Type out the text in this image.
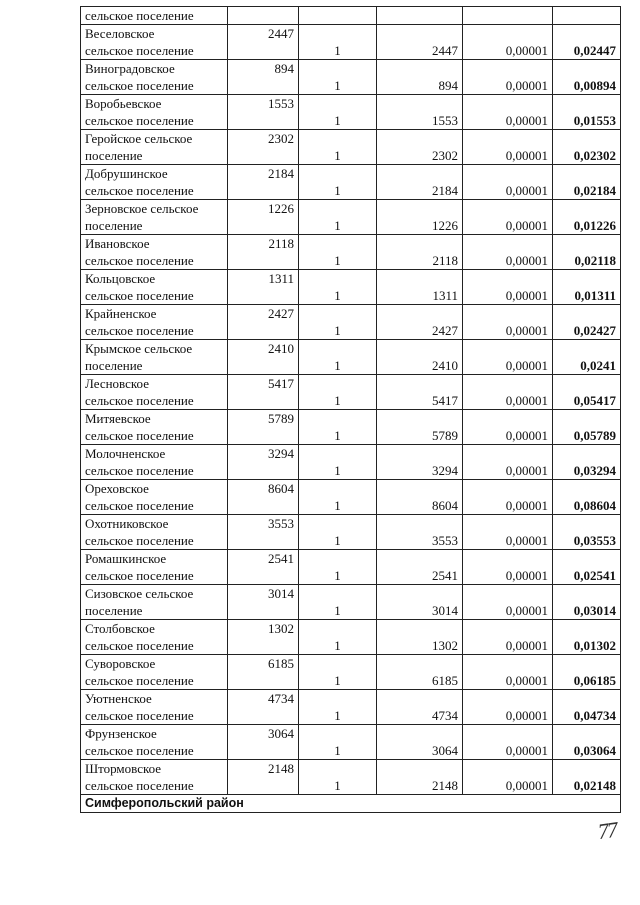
сельское поселение					
Веселовское
сельское поселение	2447	1	2447	0,00001	0,02447
Виноградовское
сельское поселение	894	1	894	0,00001	0,00894
Воробьевское
сельское поселение	1553	1	1553	0,00001	0,01553
Геройское сельское
поселение	2302	1	2302	0,00001	0,02302
Добрушинское
сельское поселение	2184	1	2184	0,00001	0,02184
Зерновское сельское
поселение	1226	1	1226	0,00001	0,01226
Ивановское
сельское поселение	2118	1	2118	0,00001	0,02118
Кольцовское
сельское поселение	1311	1	1311	0,00001	0,01311
Крайненское
сельское поселение	2427	1	2427	0,00001	0,02427
Крымское сельское
поселение	2410	1	2410	0,00001	0,0241
Лесновское
сельское поселение	5417	1	5417	0,00001	0,05417
Митяевское
сельское поселение	5789	1	5789	0,00001	0,05789
Молочненское
сельское поселение	3294	1	3294	0,00001	0,03294
Ореховское
сельское поселение	8604	1	8604	0,00001	0,08604
Охотниковское
сельское поселение	3553	1	3553	0,00001	0,03553
Ромашкинское
сельское поселение	2541	1	2541	0,00001	0,02541
Сизовское сельское
поселение	3014	1	3014	0,00001	0,03014
Столбовское
сельское поселение	1302	1	1302	0,00001	0,01302
Суворовское
сельское поселение	6185	1	6185	0,00001	0,06185
Уютненское
сельское поселение	4734	1	4734	0,00001	0,04734
Фрунзенское
сельское поселение	3064	1	3064	0,00001	0,03064
Штормовское
сельское поселение	2148	1	2148	0,00001	0,02148
Симферопольский район					
77
